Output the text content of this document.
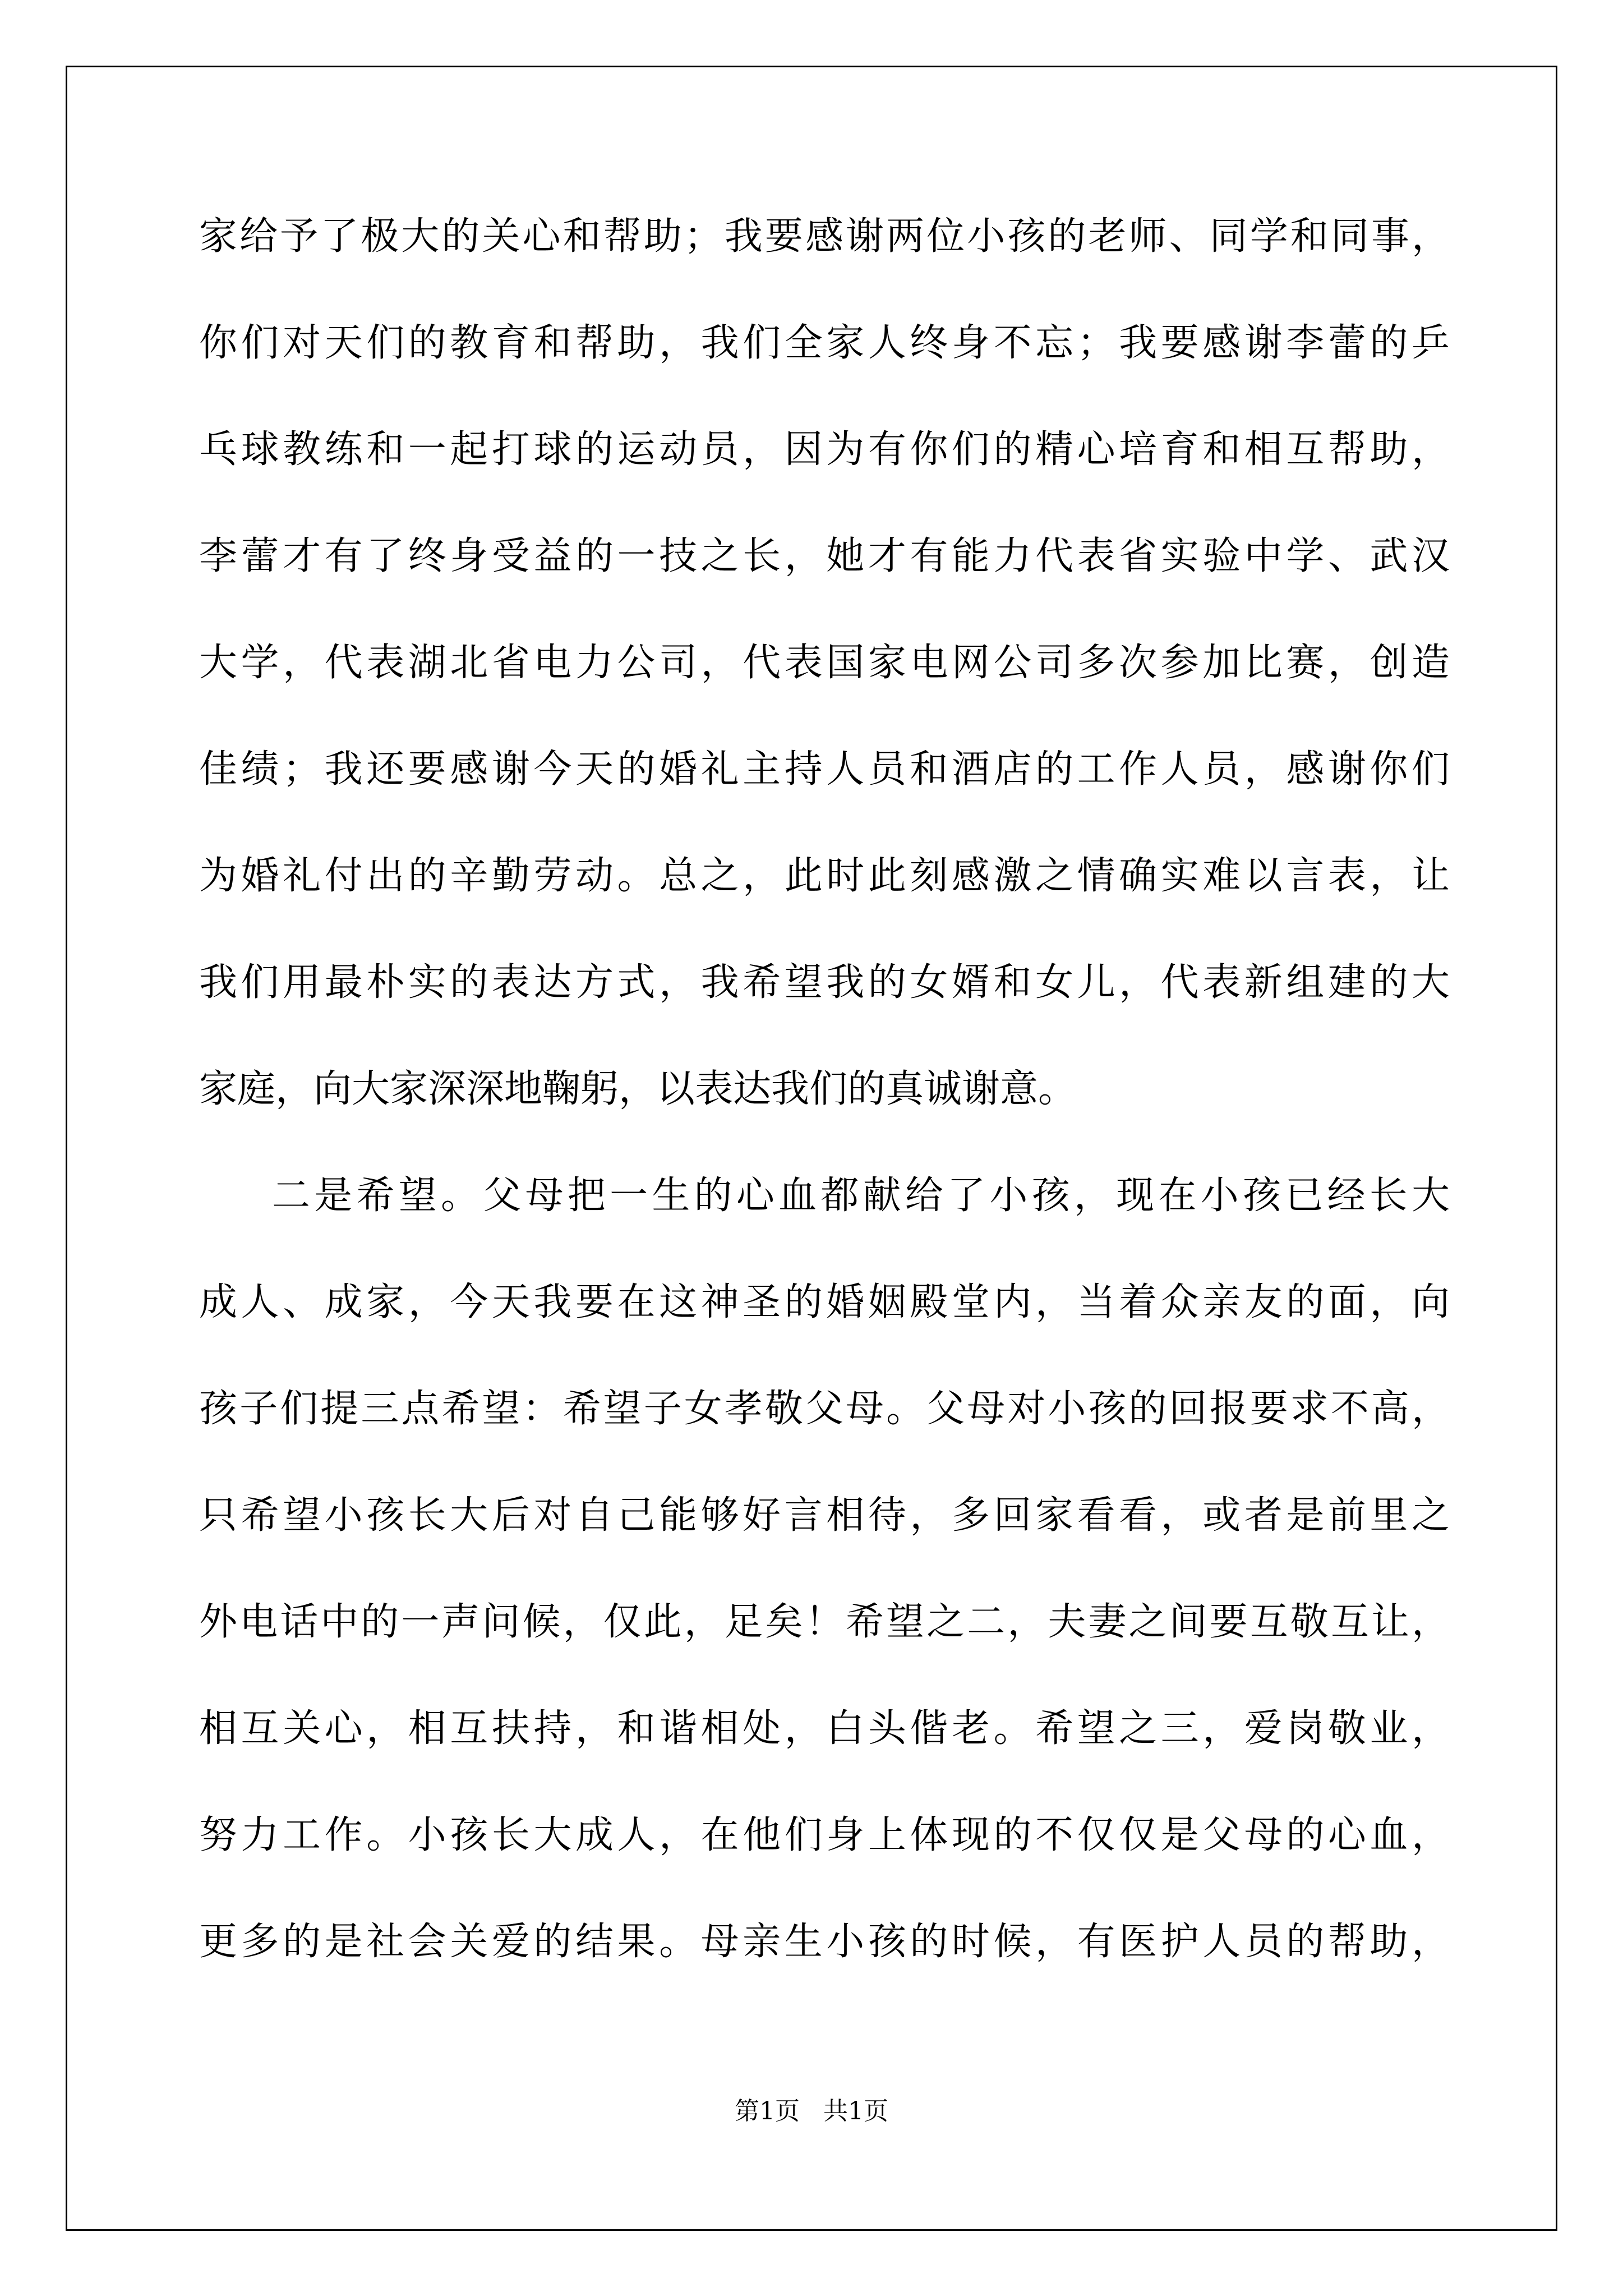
家给予了极大的关心和帮助；我要感谢两位小孩的老师、同学和同事，
你们对天们的教育和帮助，我们全家人终身不忘；我要感谢李蕾的乒
乓球教练和一起打球的运动员，因为有你们的精心培育和相互帮助，
李蕾才有了终身受益的一技之长，她才有能力代表省实验中学、武汉
大学，代表湖北省电力公司，代表国家电网公司多次参加比赛，创造
佳绩；我还要感谢今天的婚礼主持人员和酒店的工作人员，感谢你们
为婚礼付出的辛勤劳动。总之，此时此刻感激之情确实难以言表，让
我们用最朴实的表达方式，我希望我的女婿和女儿，代表新组建的大
家庭，向大家深深地鞠躬，以表达我们的真诚谢意。
二是希望。父母把一生的心血都献给了小孩，现在小孩已经长大
成人、成家，今天我要在这神圣的婚姻殿堂内，当着众亲友的面，向
孩子们提三点希望：希望子女孝敬父母。父母对小孩的回报要求不高，
只希望小孩长大后对自己能够好言相待，多回家看看，或者是前里之
外电话中的一声问候，仅此，足矣！希望之二，夫妻之间要互敬互让，
相互关心，相互扶持，和谐相处，白头偕老。希望之三，爱岗敬业，
努力工作。小孩长大成人，在他们身上体现的不仅仅是父母的心血，
更多的是社会关爱的结果。母亲生小孩的时候，有医护人员的帮助，
第1页   共1页
